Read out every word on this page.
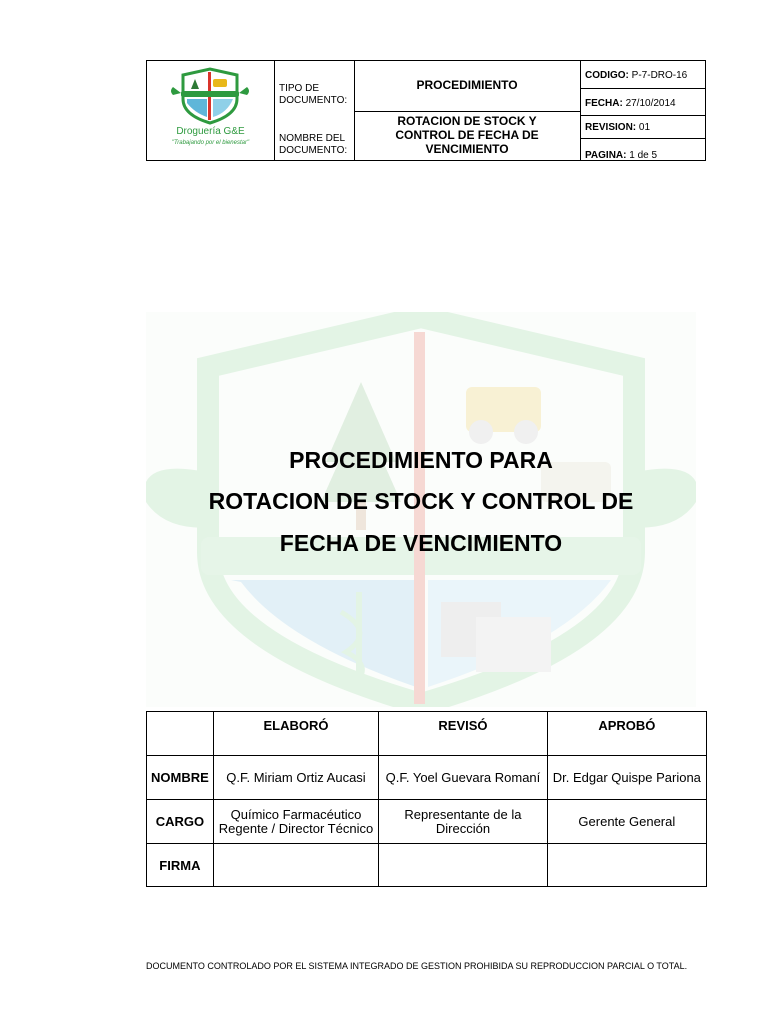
Droguería G&E
"Trabajando por el bienestar"
TIPO DE DOCUMENTO:
PROCEDIMIENTO
NOMBRE DEL DOCUMENTO:
ROTACION DE STOCK Y CONTROL DE FECHA DE VENCIMIENTO
CODIGO: P-7-DRO-16
FECHA: 27/10/2014
REVISION: 01
PAGINA: 1 de 5
PROCEDIMIENTO PARA
ROTACION DE STOCK Y CONTROL DE
FECHA DE VENCIMIENTO
	ELABORÓ	REVISÓ	APROBÓ
NOMBRE	Q.F. Miriam Ortiz Aucasi	Q.F. Yoel Guevara Romaní	Dr. Edgar Quispe Pariona
CARGO	Químico Farmacéutico Regente / Director Técnico	Representante de la Dirección	Gerente General
FIRMA			
DOCUMENTO CONTROLADO POR EL SISTEMA INTEGRADO DE GESTION PROHIBIDA SU REPRODUCCION PARCIAL O TOTAL.
